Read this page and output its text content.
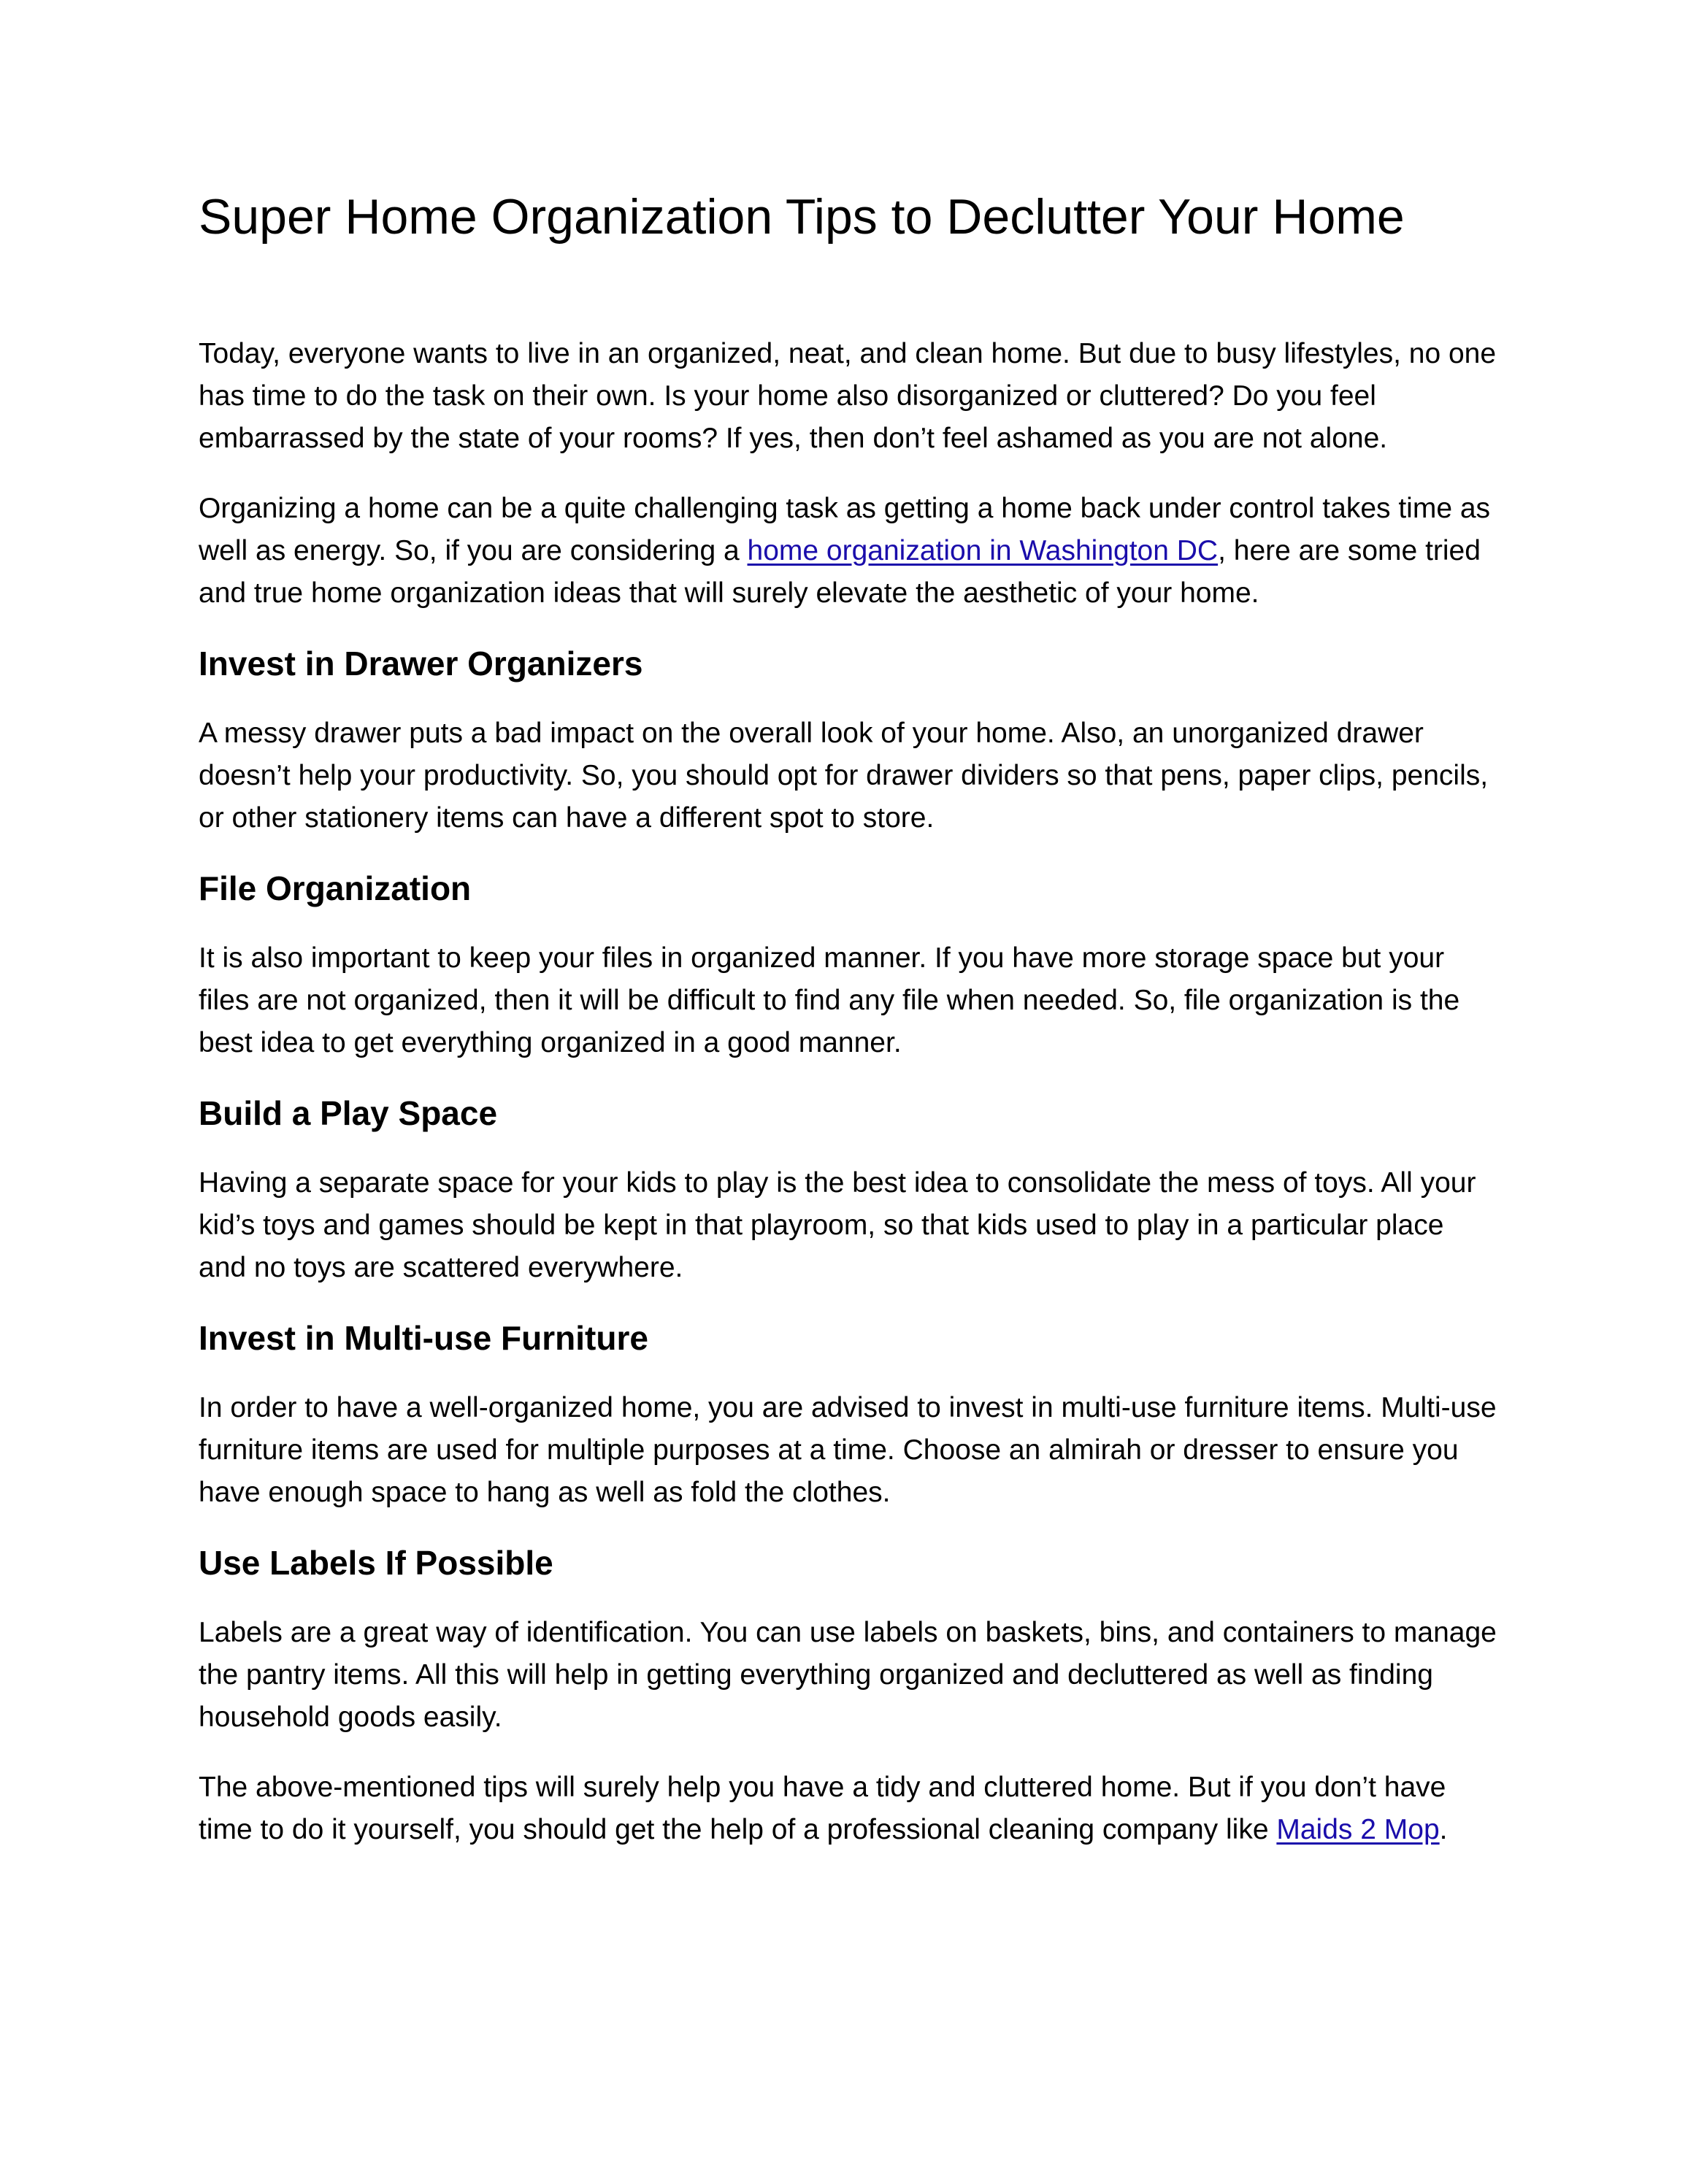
Super Home Organization Tips to Declutter Your Home

Today, everyone wants to live in an organized, neat, and clean home. But due to busy lifestyles, no one has time to do the task on their own. Is your home also disorganized or cluttered? Do you feel embarrassed by the state of your rooms? If yes, then don’t feel ashamed as you are not alone.

Organizing a home can be a quite challenging task as getting a home back under control takes time as well as energy. So, if you are considering a home organization in Washington DC, here are some tried and true home organization ideas that will surely elevate the aesthetic of your home.

Invest in Drawer Organizers

A messy drawer puts a bad impact on the overall look of your home. Also, an unorganized drawer doesn’t help your productivity. So, you should opt for drawer dividers so that pens, paper clips, pencils, or other stationery items can have a different spot to store.

File Organization

It is also important to keep your files in organized manner. If you have more storage space but your files are not organized, then it will be difficult to find any file when needed. So, file organization is the best idea to get everything organized in a good manner.

Build a Play Space

Having a separate space for your kids to play is the best idea to consolidate the mess of toys. All your kid’s toys and games should be kept in that playroom, so that kids used to play in a particular place and no toys are scattered everywhere.

Invest in Multi-use Furniture

In order to have a well-organized home, you are advised to invest in multi-use furniture items. Multi-use furniture items are used for multiple purposes at a time. Choose an almirah or dresser to ensure you have enough space to hang as well as fold the clothes.

Use Labels If Possible

Labels are a great way of identification. You can use labels on baskets, bins, and containers to manage the pantry items. All this will help in getting everything organized and decluttered as well as finding household goods easily.

The above-mentioned tips will surely help you have a tidy and cluttered home. But if you don’t have time to do it yourself, you should get the help of a professional cleaning company like Maids 2 Mop.
